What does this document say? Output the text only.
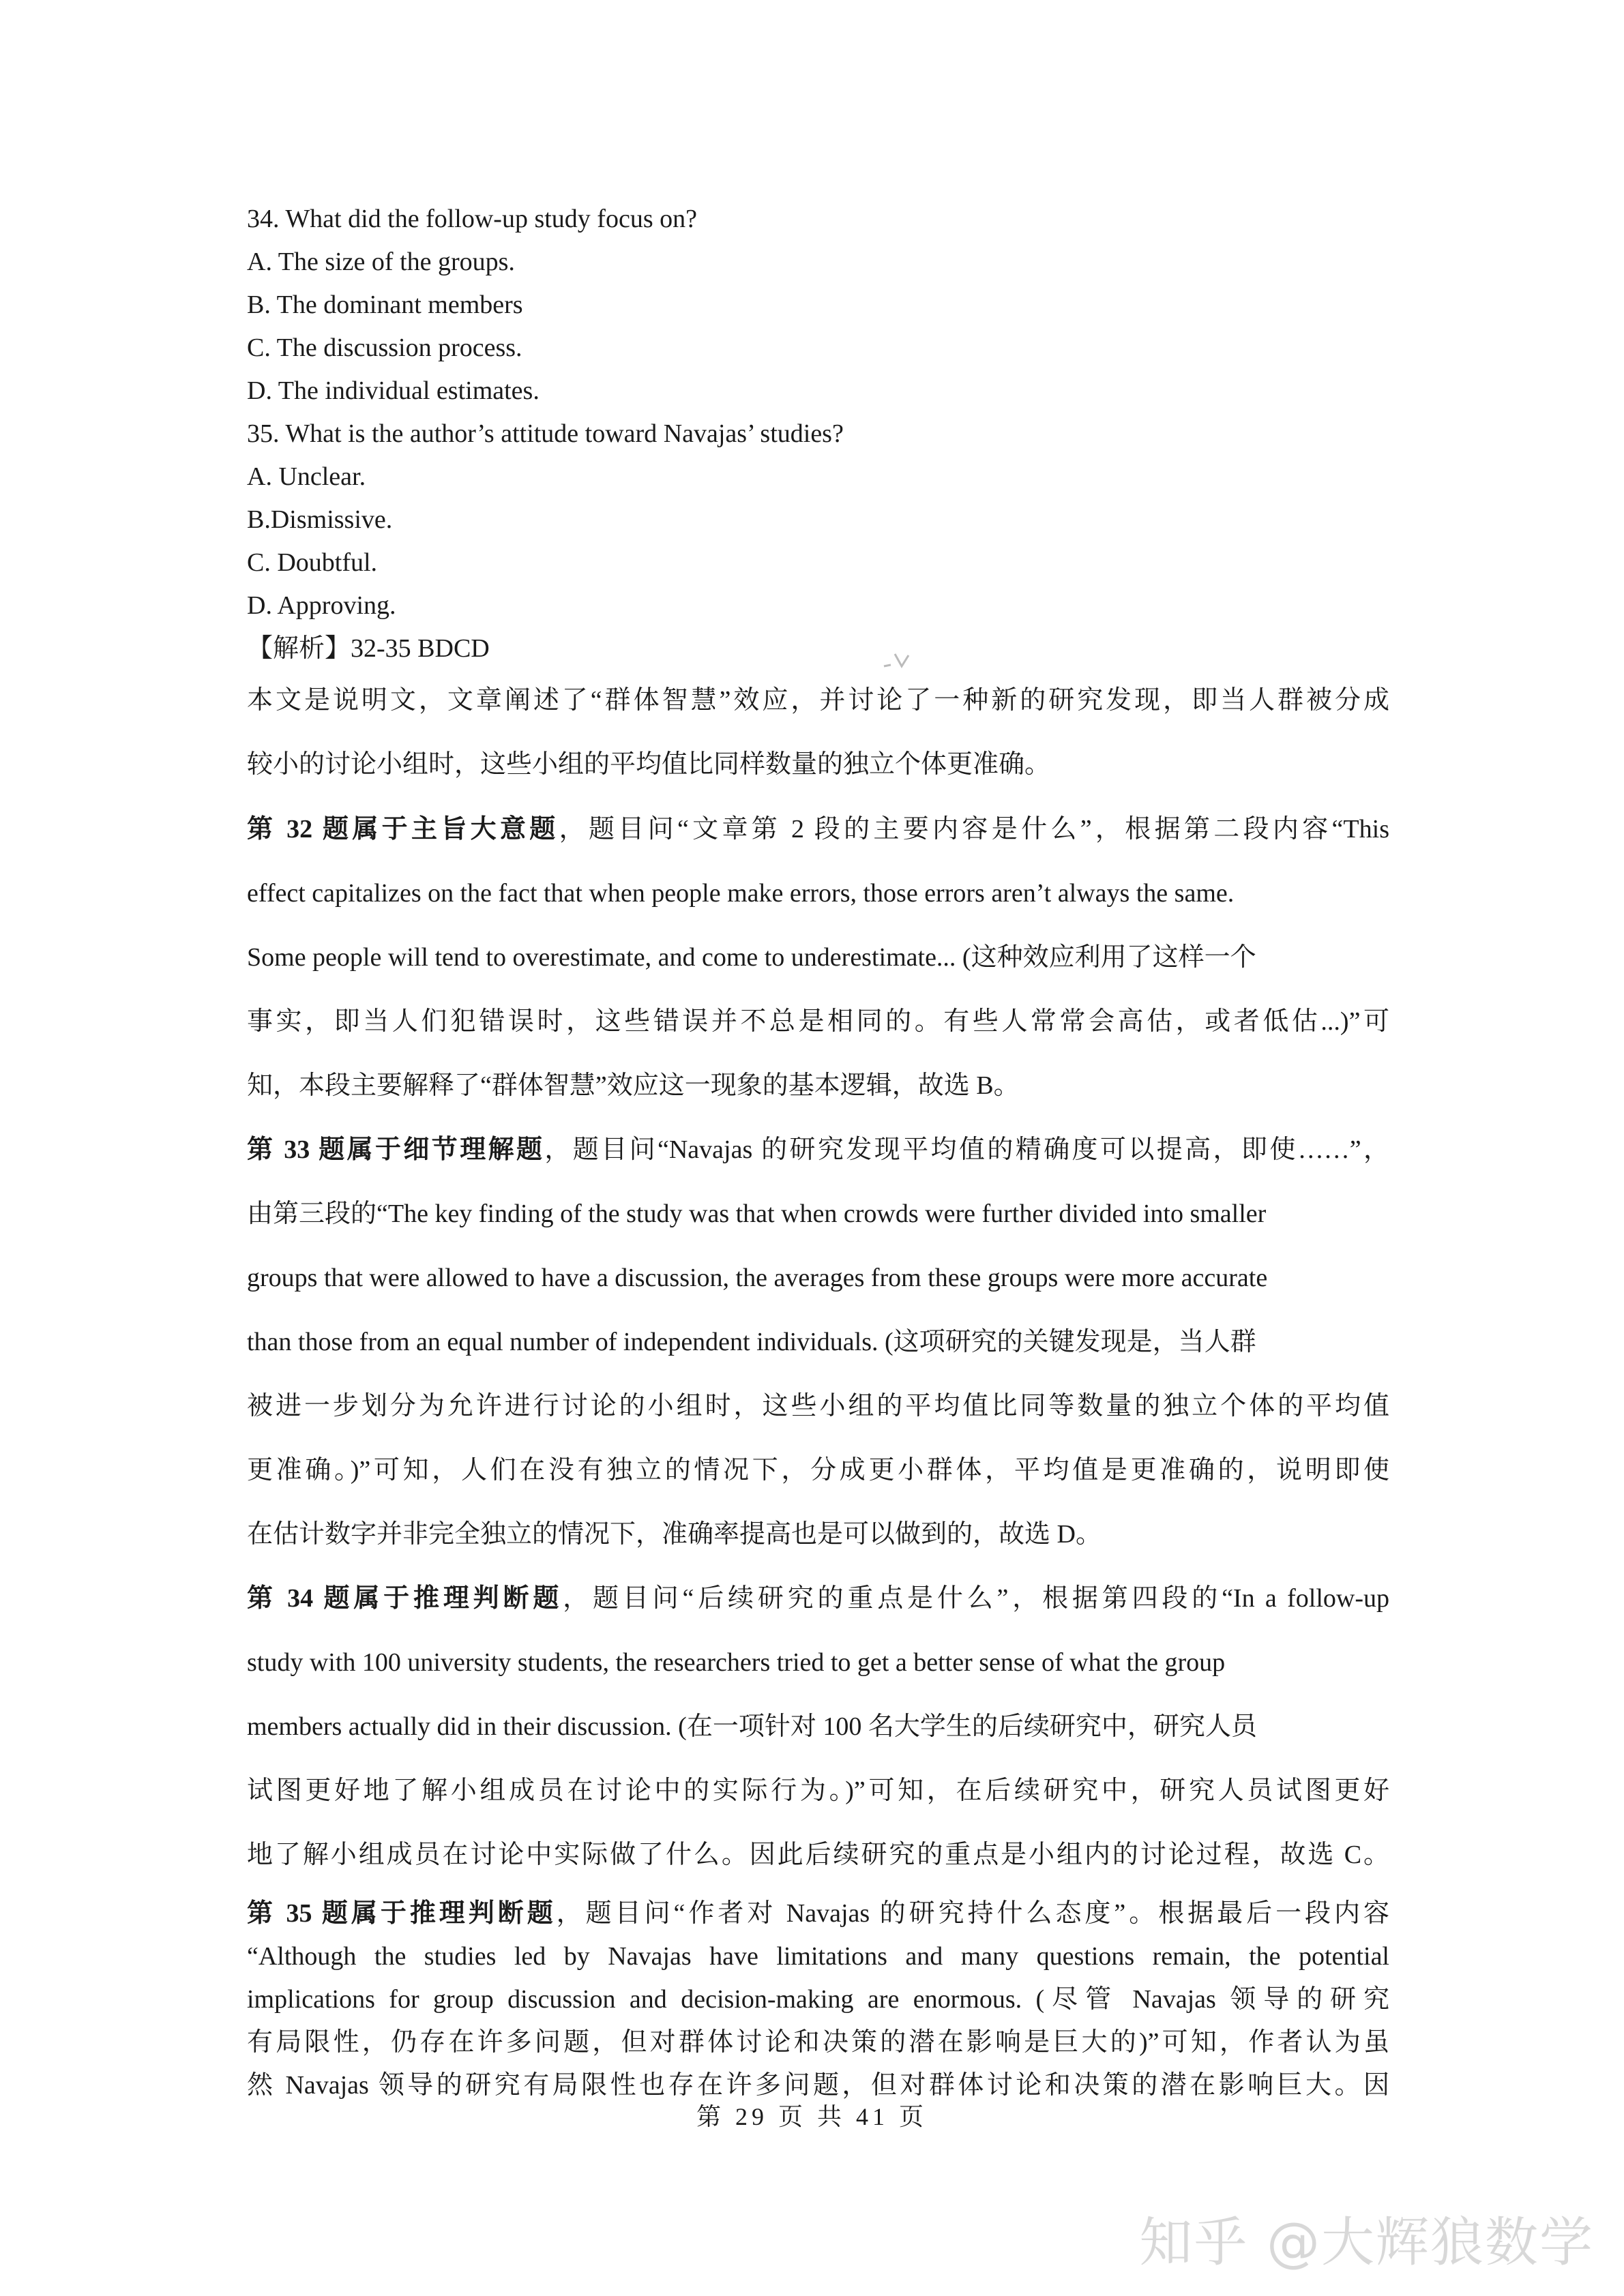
34. What did the follow-up study focus on?
A. The size of the groups.
B. The dominant members
C. The discussion process.
D. The individual estimates.
35. What is the author’s attitude toward Navajas’ studies?
A. Unclear.
B.Dismissive.
C. Doubtful.
D. Approving.
【解析】32-35 BDCD
本文是说明文，文章阐述了“群体智慧”效应，并讨论了一种新的研究发现，即当人群被分成
较小的讨论小组时，这些小组的平均值比同样数量的独立个体更准确。
第 32 题属于主旨大意题，题目问“文章第 2 段的主要内容是什么”，根据第二段内容“This
effect capitalizes on the fact that when people make errors, those errors aren’t always the same.
Some people will tend to overestimate, and come to underestimate... (这种效应利用了这样一个
事实，即当人们犯错误时，这些错误并不总是相同的。有些人常常会高估，或者低估...)”可
知，本段主要解释了“群体智慧”效应这一现象的基本逻辑，故选 B。
第 33 题属于细节理解题，题目问“Navajas 的研究发现平均值的精确度可以提高，即使……”，
由第三段的“The key finding of the study was that when crowds were further divided into smaller
groups that were allowed to have a discussion, the averages from these groups were more accurate
than those from an equal number of independent individuals. (这项研究的关键发现是，当人群
被进一步划分为允许进行讨论的小组时，这些小组的平均值比同等数量的独立个体的平均值
更准确。)”可知，人们在没有独立的情况下，分成更小群体，平均值是更准确的，说明即使
在估计数字并非完全独立的情况下，准确率提高也是可以做到的，故选 D。
第 34 题属于推理判断题，题目问“后续研究的重点是什么”，根据第四段的“In a follow-up
study with 100 university students, the researchers tried to get a better sense of what the group
members actually did in their discussion. (在一项针对 100 名大学生的后续研究中，研究人员
试图更好地了解小组成员在讨论中的实际行为。)”可知，在后续研究中，研究人员试图更好
地了解小组成员在讨论中实际做了什么。因此后续研究的重点是小组内的讨论过程，故选 C。
第 35 题属于推理判断题，题目问“作者对 Navajas 的研究持什么态度”。根据最后一段内容
“Although the studies led by Navajas have limitations and many questions remain, the potential
implications for group discussion and decision-making are enormous. (尽管 Navajas 领导的研究
有局限性，仍存在许多问题，但对群体讨论和决策的潜在影响是巨大的)”可知，作者认为虽
然 Navajas 领导的研究有局限性也存在许多问题，但对群体讨论和决策的潜在影响巨大。因
第 29 页 共 41 页
知乎 @大辉狼数学
